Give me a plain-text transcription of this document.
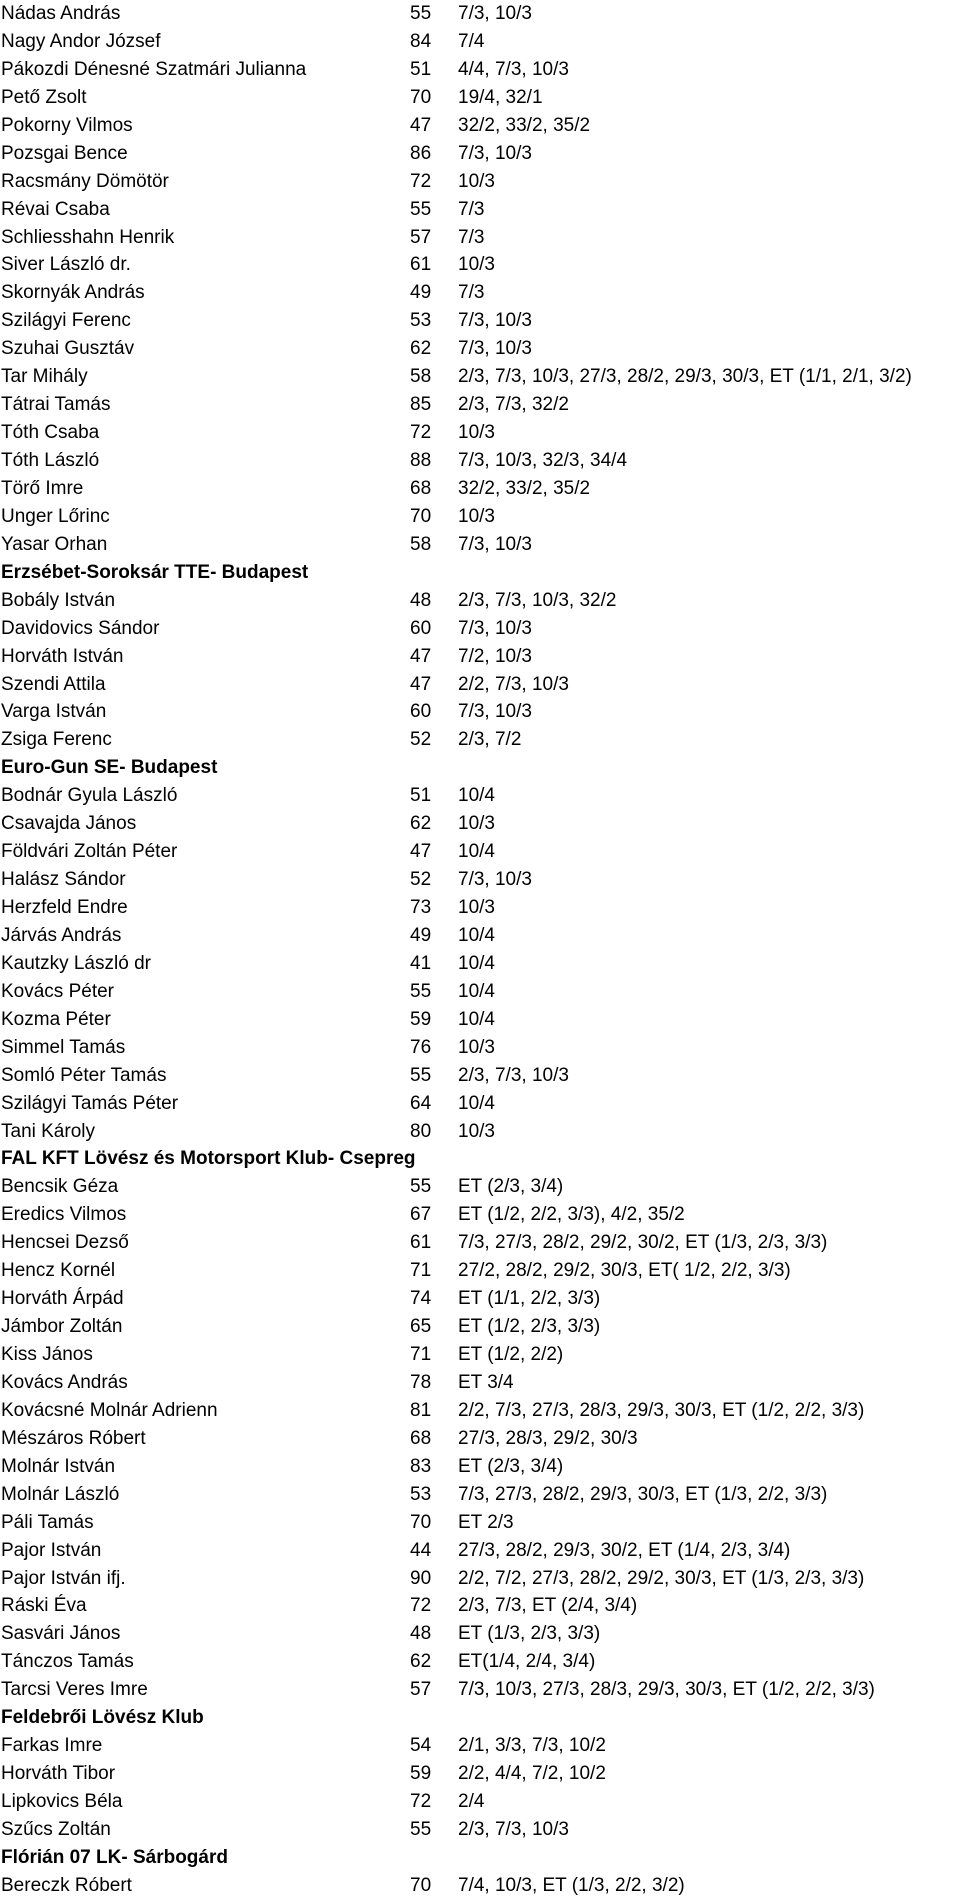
Nádas András	55 7/3, 10/3
Nagy Andor József	84 7/4
Pákozdi Dénesné Szatmári Julianna	51 4/4, 7/3, 10/3
Pető Zsolt	70 19/4, 32/1
Pokorny Vilmos	47 32/2, 33/2, 35/2
Pozsgai Bence	86 7/3, 10/3
Racsmány Dömötör	72 10/3
Révai Csaba	55 7/3
Schliesshahn Henrik	57 7/3
Siver László dr.	61 10/3
Skornyák András	49 7/3
Szilágyi Ferenc	53 7/3, 10/3
Szuhai Gusztáv	62 7/3, 10/3
Tar Mihály	58 2/3, 7/3, 10/3, 27/3, 28/2, 29/3, 30/3, ET (1/1, 2/1, 3/2)
Tátrai Tamás	85 2/3, 7/3, 32/2
Tóth Csaba	72 10/3
Tóth László	88 7/3, 10/3, 32/3, 34/4
Törő Imre	68 32/2, 33/2, 35/2
Unger Lőrinc	70 10/3
Yasar Orhan	58 7/3, 10/3
Erzsébet-Soroksár TTE- Budapest
Bobály István	48 2/3, 7/3, 10/3, 32/2
Davidovics Sándor	60 7/3, 10/3
Horváth István	47 7/2, 10/3
Szendi Attila	47 2/2, 7/3, 10/3
Varga István	60 7/3, 10/3
Zsiga Ferenc	52 2/3, 7/2
Euro-Gun SE- Budapest
Bodnár Gyula László	51 10/4
Csavajda János	62 10/3
Földvári Zoltán Péter	47 10/4
Halász Sándor	52 7/3, 10/3
Herzfeld Endre	73 10/3
Járvás András	49 10/4
Kautzky László dr	41 10/4
Kovács Péter	55 10/4
Kozma Péter	59 10/4
Simmel Tamás	76 10/3
Somló Péter Tamás	55 2/3, 7/3, 10/3
Szilágyi Tamás Péter	64 10/4
Tani Károly	80 10/3
FAL KFT Lövész és Motorsport Klub- Csepreg
Bencsik Géza	55 ET (2/3, 3/4)
Eredics Vilmos	67 ET (1/2, 2/2, 3/3), 4/2, 35/2
Hencsei Dezső	61 7/3, 27/3, 28/2, 29/2, 30/2, ET (1/3, 2/3, 3/3)
Hencz Kornél	71 27/2, 28/2, 29/2, 30/3, ET( 1/2, 2/2, 3/3)
Horváth Árpád	74 ET (1/1, 2/2, 3/3)
Jámbor Zoltán	65 ET (1/2, 2/3, 3/3)
Kiss János	71 ET (1/2, 2/2)
Kovács András	78 ET 3/4
Kovácsné Molnár Adrienn	81 2/2, 7/3, 27/3, 28/3, 29/3, 30/3, ET (1/2, 2/2, 3/3)
Mészáros Róbert	68 27/3, 28/3, 29/2, 30/3
Molnár István	83 ET (2/3, 3/4)
Molnár László	53 7/3, 27/3, 28/2, 29/3, 30/3, ET (1/3, 2/2, 3/3)
Páli Tamás	70 ET 2/3
Pajor István	44 27/3, 28/2, 29/3, 30/2, ET (1/4, 2/3, 3/4)
Pajor István ifj.	90 2/2, 7/2, 27/3, 28/2, 29/2, 30/3, ET (1/3, 2/3, 3/3)
Ráski Éva	72 2/3, 7/3, ET (2/4, 3/4)
Sasvári János	48 ET (1/3, 2/3, 3/3)
Tánczos Tamás	62 ET(1/4, 2/4, 3/4)
Tarcsi Veres Imre	57 7/3, 10/3, 27/3, 28/3, 29/3, 30/3, ET (1/2, 2/2, 3/3)
Feldebrői Lövész Klub
Farkas Imre	54 2/1, 3/3, 7/3, 10/2
Horváth Tibor	59 2/2, 4/4, 7/2, 10/2
Lipkovics Béla	72 2/4
Szűcs Zoltán	55 2/3, 7/3, 10/3
Flórián 07 LK- Sárbogárd
Bereczk Róbert	70 7/4, 10/3, ET (1/3, 2/2, 3/2)
